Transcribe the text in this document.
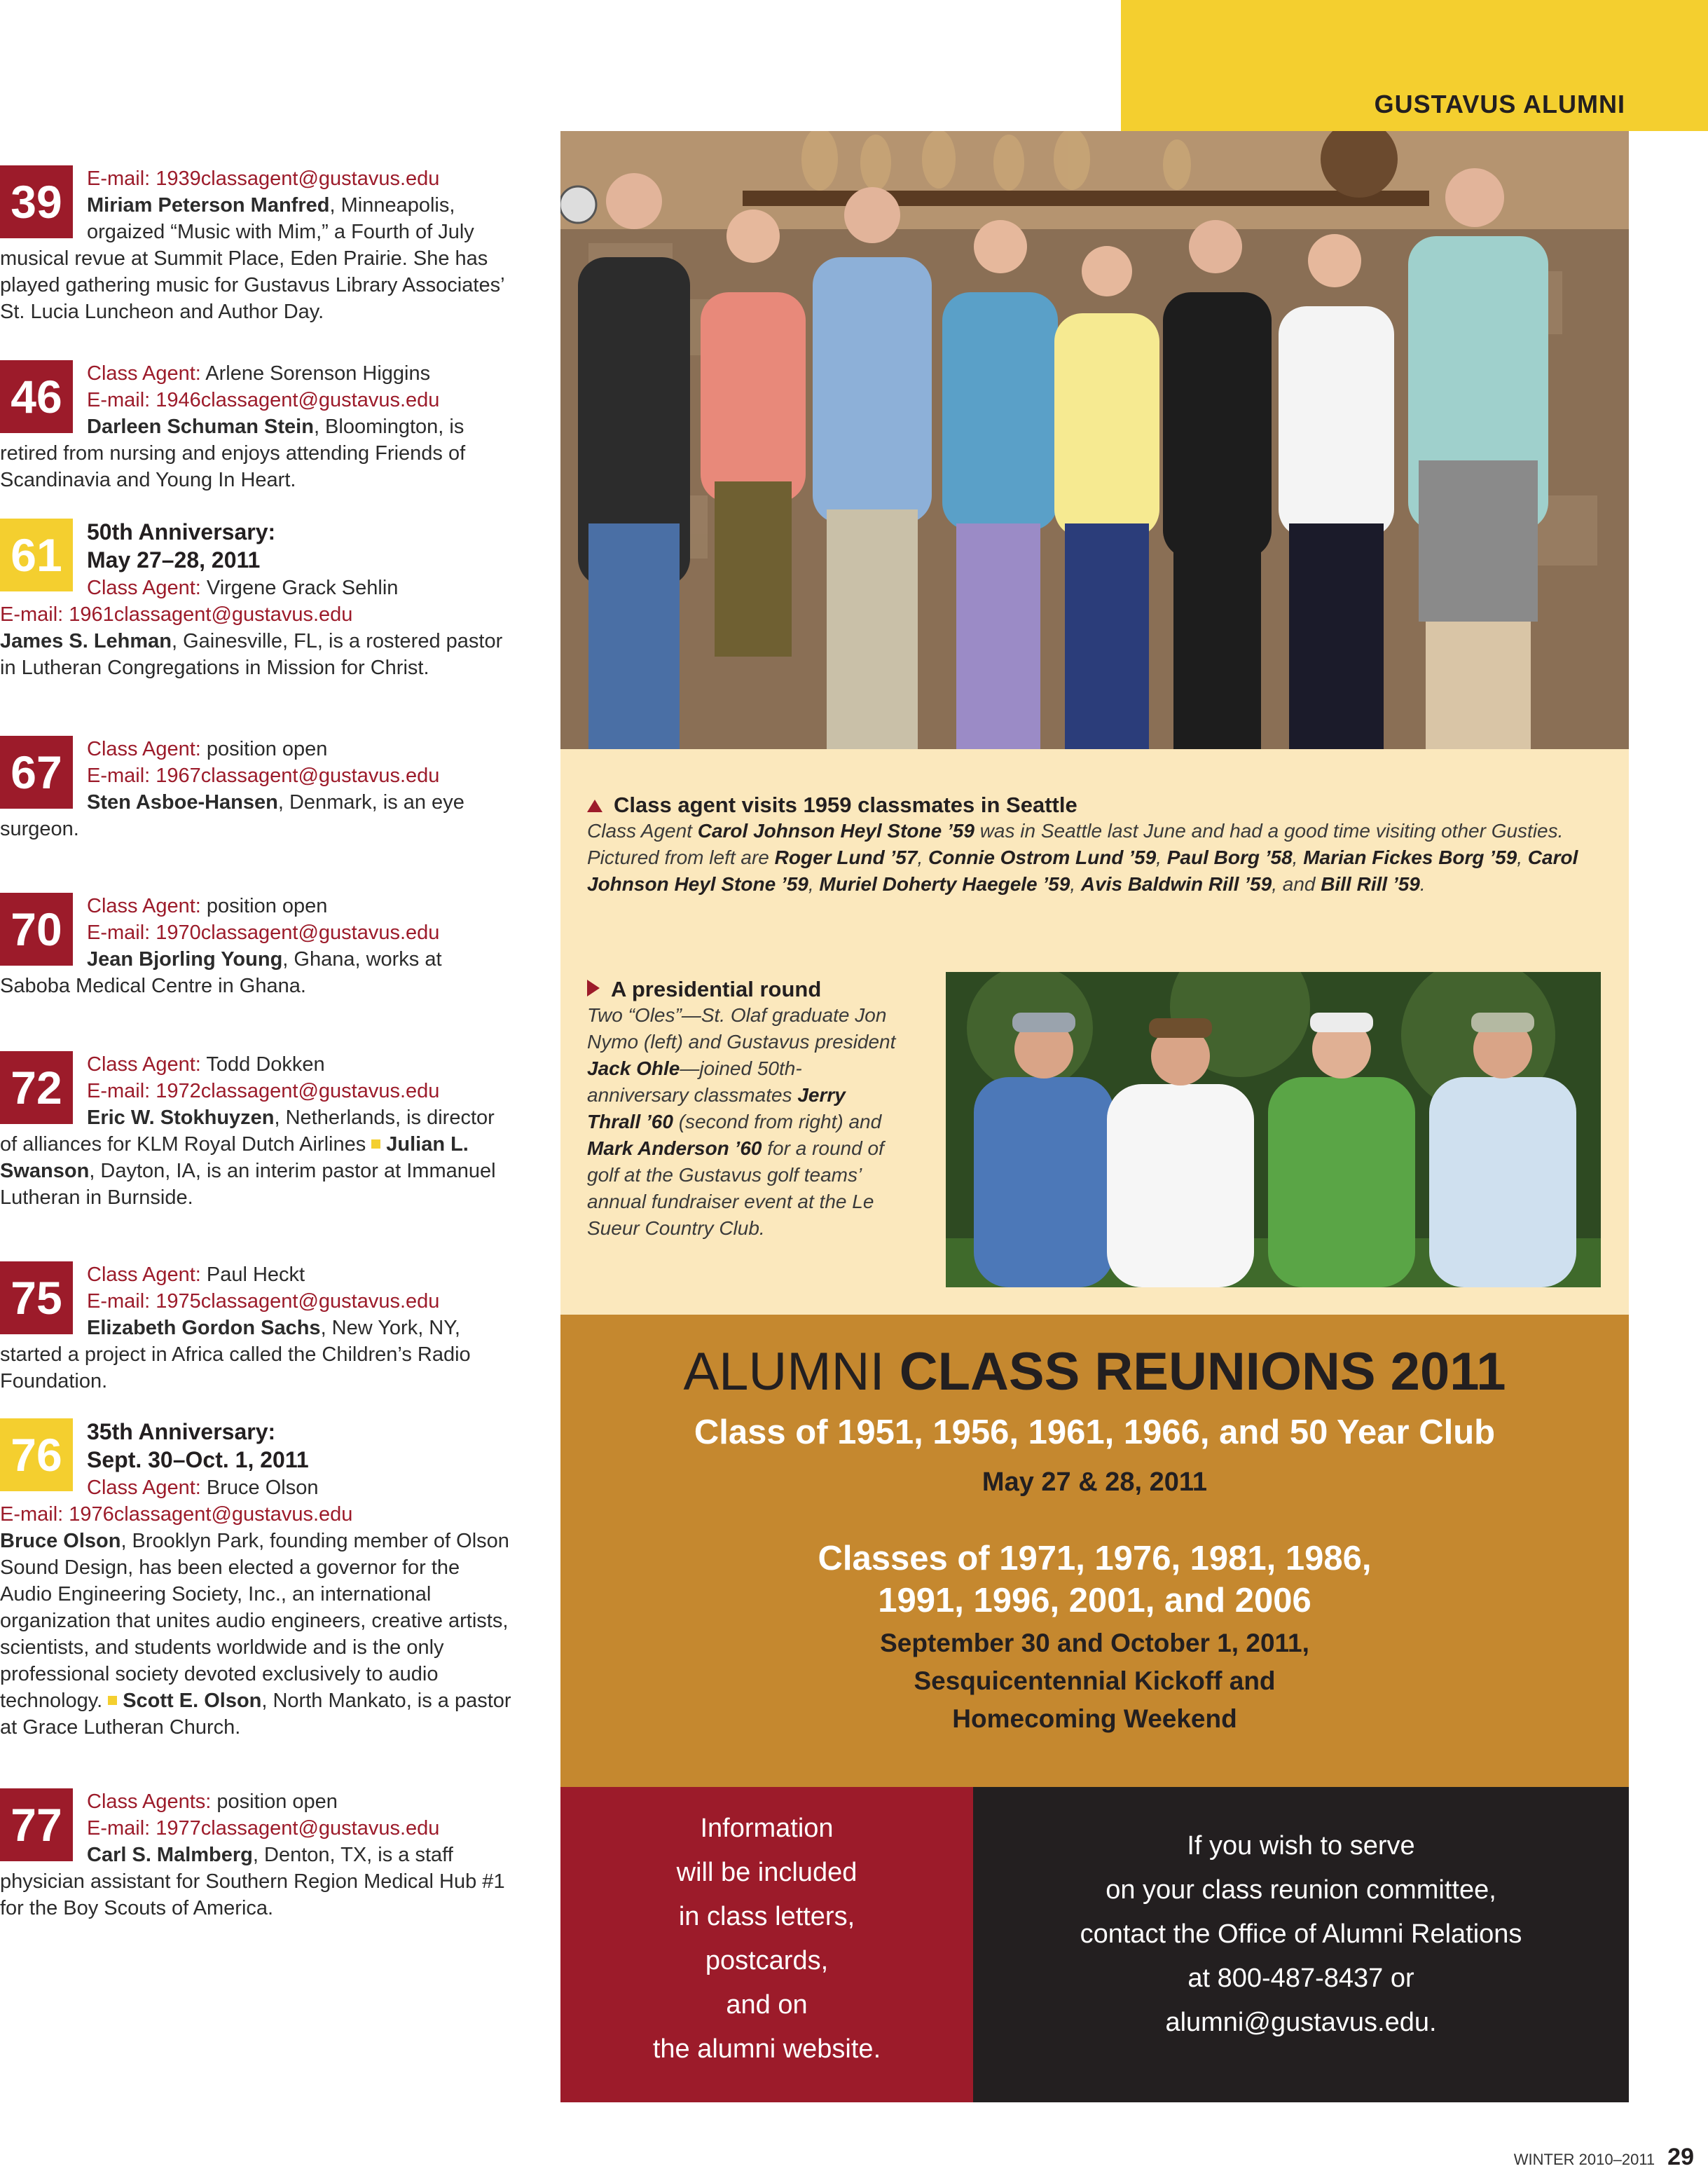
GUSTAVUS ALUMNI
39	E-mail: 1939classagent@gustavus.edu
Miriam Peterson Manfred, Minneapolis, orgaized “Music with Mim,” a Fourth of July musical revue at Summit Place, Eden Prairie. She has played gathering music for Gustavus Library Associates’ St. Lucia Luncheon and Author Day.
46	Class Agent: Arlene Sorenson Higgins
E-mail: 1946classagent@gustavus.edu
Darleen Schuman Stein, Bloomington, is retired from nursing and enjoys attending Friends of Scandinavia and Young In Heart.
61	50th Anniversary:
May 27–28, 2011
Class Agent: Virgene Grack Sehlin
E-mail: 1961classagent@gustavus.edu
James S. Lehman, Gainesville, FL, is a rostered pastor in Lutheran Congregations in Mission for Christ.
67	Class Agent: position open
E-mail: 1967classagent@gustavus.edu
Sten Asboe-Hansen, Denmark, is an eye surgeon.
70	Class Agent: position open
E-mail: 1970classagent@gustavus.edu
Jean Bjorling Young, Ghana, works at Saboba Medical Centre in Ghana.
72	Class Agent: Todd Dokken
E-mail: 1972classagent@gustavus.edu
Eric W. Stokhuyzen, Netherlands, is director of alliances for KLM Royal Dutch Airlines Julian L. Swanson, Dayton, IA, is an interim pastor at Immanuel Lutheran in Burnside.
75	Class Agent: Paul Heckt
E-mail: 1975classagent@gustavus.edu
Elizabeth Gordon Sachs, New York, NY, started a project in Africa called the Children’s Radio Foundation.
76	35th Anniversary:
Sept. 30–Oct. 1, 2011
Class Agent: Bruce Olson
E-mail: 1976classagent@gustavus.edu
Bruce Olson, Brooklyn Park, founding member of Olson Sound Design, has been elected a governor for the Audio Engineering Society, Inc., an international organization that unites audio engineers, creative artists, scientists, and students worldwide and is the only professional society devoted exclusively to audio technology. Scott E. Olson, North Mankato, is a pastor at Grace Lutheran Church.
77	Class Agents: position open
E-mail: 1977classagent@gustavus.edu
Carl S. Malmberg, Denton, TX, is a staff physician assistant for Southern Region Medical Hub #1 for the Boy Scouts of America.
Class agent visits 1959 classmates in Seattle
Class Agent Carol Johnson Heyl Stone ’59 was in Seattle last June and had a good time visiting other Gusties. Pictured from left are Roger Lund ’57, Connie Ostrom Lund ’59, Paul Borg ’58, Marian Fickes Borg ’59, Carol Johnson Heyl Stone ’59, Muriel Doherty Haegele ’59, Avis Baldwin Rill ’59, and Bill Rill ’59.
A presidential round
Two “Oles”—St. Olaf graduate Jon Nymo (left) and Gustavus president Jack Ohle—joined 50th-anniversary classmates Jerry Thrall ’60 (second from right) and Mark Anderson ’60 for a round of golf at the Gustavus golf teams’ annual fundraiser event at the Le Sueur Country Club.
ALUMNI CLASS REUNIONS 2011
Class of 1951, 1956, 1961, 1966, and 50 Year Club
May 27 & 28, 2011
Classes of 1971, 1976, 1981, 1986,
1991, 1996, 2001, and 2006
September 30 and October 1, 2011,
Sesquicentennial Kickoff and
Homecoming Weekend
Information
will be included
in class letters,
postcards,
and on
the alumni website.
If you wish to serve
on your class reunion committee,
contact the Office of Alumni Relations
at 800-487-8437 or
alumni@gustavus.edu.
WINTER 2010–2011 29
